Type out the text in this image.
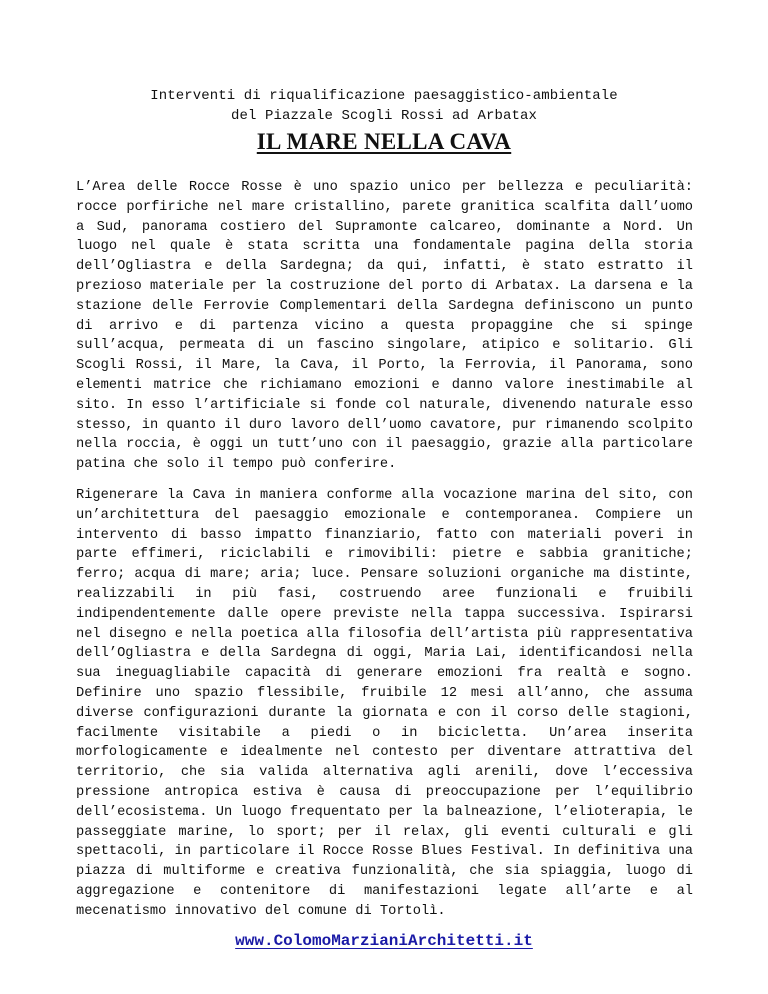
Interventi di riqualificazione paesaggistico-ambientale
del Piazzale Scogli Rossi ad Arbatax
IL MARE NELLA CAVA

L’Area delle Rocce Rosse è uno spazio unico per bellezza e peculiarità: rocce porfiriche nel mare cristallino, parete granitica scalfita dall’uomo a Sud, panorama costiero del Supramonte calcareo, dominante a Nord. Un luogo nel quale è stata scritta una fondamentale pagina della storia dell’Ogliastra e della Sardegna; da qui, infatti, è stato estratto il prezioso materiale per la costruzione del porto di Arbatax. La darsena e la stazione delle Ferrovie Complementari della Sardegna definiscono un punto di arrivo e di partenza vicino a questa propaggine che si spinge sull’acqua, permeata di un fascino singolare, atipico e solitario. Gli Scogli Rossi, il Mare, la Cava, il Porto, la Ferrovia, il Panorama, sono elementi matrice che richiamano emozioni e danno valore inestimabile al sito. In esso l’artificiale si fonde col naturale, divenendo naturale esso stesso, in quanto il duro lavoro dell’uomo cavatore, pur rimanendo scolpito nella roccia, è oggi un tutt’uno con il paesaggio, grazie alla particolare patina che solo il tempo può conferire.

Rigenerare la Cava in maniera conforme alla vocazione marina del sito, con un’architettura del paesaggio emozionale e contemporanea. Compiere un intervento di basso impatto finanziario, fatto con materiali poveri in parte effimeri, riciclabili e rimovibili: pietre e sabbia granitiche; ferro; acqua di mare; aria; luce. Pensare soluzioni organiche ma distinte, realizzabili in più fasi, costruendo aree funzionali e fruibili indipendentemente dalle opere previste nella tappa successiva. Ispirarsi nel disegno e nella poetica alla filosofia dell’artista più rappresentativa dell’Ogliastra e della Sardegna di oggi, Maria Lai, identificandosi nella sua ineguagliabile capacità di generare emozioni fra realtà e sogno. Definire uno spazio flessibile, fruibile 12 mesi all’anno, che assuma diverse configurazioni durante la giornata e con il corso delle stagioni, facilmente visitabile a piedi o in bicicletta. Un’area inserita morfologicamente e idealmente nel contesto per diventare attrattiva del territorio, che sia valida alternativa agli arenili, dove l’eccessiva pressione antropica estiva è causa di preoccupazione per l’equilibrio dell’ecosistema. Un luogo frequentato per la balneazione, l’elioterapia, le passeggiate marine, lo sport; per il relax, gli eventi culturali e gli spettacoli, in particolare il Rocce Rosse Blues Festival. In definitiva una piazza di multiforme e creativa funzionalità, che sia spiaggia, luogo di aggregazione e contenitore di manifestazioni legate all’arte e al mecenatismo innovativo del comune di Tortolì.

www.ColomoMarzianiArchitetti.it
